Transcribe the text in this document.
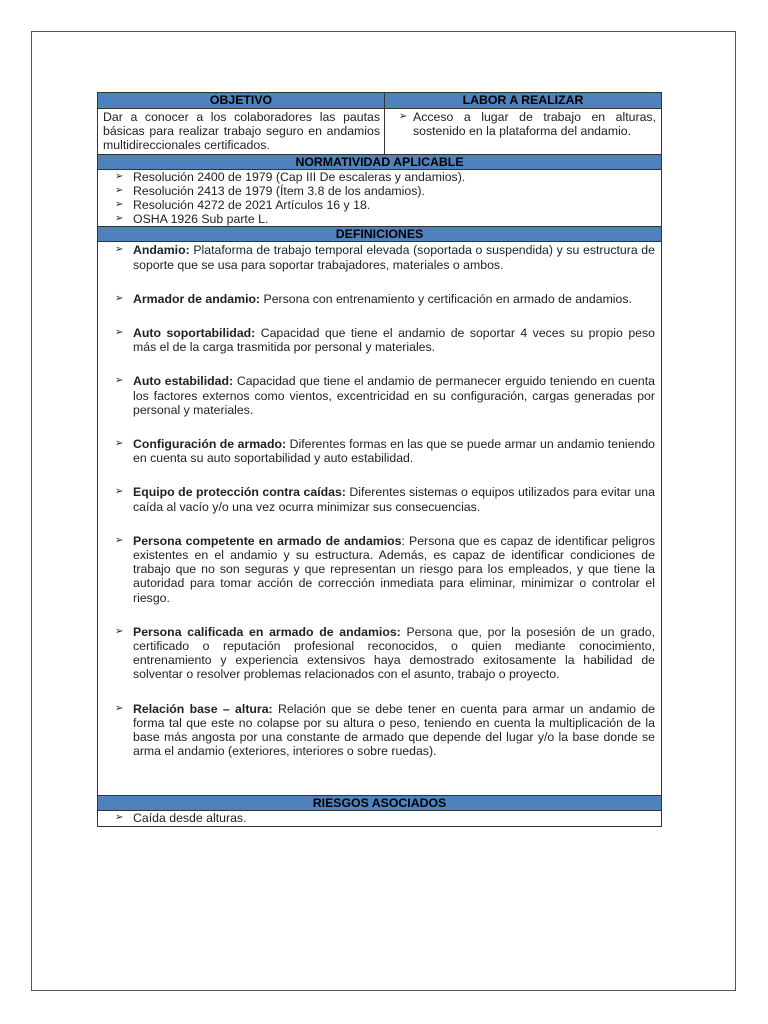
OBJETIVO	LABOR A REALIZAR
Dar a conocer a los colaboradores las pautas básicas para realizar trabajo seguro en andamios multidireccionales certificados.
➢ Acceso a lugar de trabajo en alturas, sostenido en la plataforma del andamio.
NORMATIVIDAD APLICABLE
➢ Resolución 2400 de 1979 (Cap III De escaleras y andamios).
➢ Resolución 2413 de 1979 (Ítem 3.8 de los andamios).
➢ Resolución 4272 de 2021 Artículos 16 y 18.
➢ OSHA 1926 Sub parte L.
DEFINICIONES
➢ Andamio: Plataforma de trabajo temporal elevada (soportada o suspendida) y su estructura de soporte que se usa para soportar trabajadores, materiales o ambos.
➢ Armador de andamio: Persona con entrenamiento y certificación en armado de andamios.
➢ Auto soportabilidad: Capacidad que tiene el andamio de soportar 4 veces su propio peso más el de la carga trasmitida por personal y materiales.
➢ Auto estabilidad: Capacidad que tiene el andamio de permanecer erguido teniendo en cuenta los factores externos como vientos, excentricidad en su configuración, cargas generadas por personal y materiales.
➢ Configuración de armado: Diferentes formas en las que se puede armar un andamio teniendo en cuenta su auto soportabilidad y auto estabilidad.
➢ Equipo de protección contra caídas: Diferentes sistemas o equipos utilizados para evitar una caída al vacío y/o una vez ocurra minimizar sus consecuencias.
➢ Persona competente en armado de andamios: Persona que es capaz de identificar peligros existentes en el andamio y su estructura. Además, es capaz de identificar condiciones de trabajo que no son seguras y que representan un riesgo para los empleados, y que tiene la autoridad para tomar acción de corrección inmediata para eliminar, minimizar o controlar el riesgo.
➢ Persona calificada en armado de andamios: Persona que, por la posesión de un grado, certificado o reputación profesional reconocidos, o quien mediante conocimiento, entrenamiento y experiencia extensivos haya demostrado exitosamente la habilidad de solventar o resolver problemas relacionados con el asunto, trabajo o proyecto.
➢ Relación base – altura: Relación que se debe tener en cuenta para armar un andamio de forma tal que este no colapse por su altura o peso, teniendo en cuenta la multiplicación de la base más angosta por una constante de armado que depende del lugar y/o la base donde se arma el andamio (exteriores, interiores o sobre ruedas).
RIESGOS ASOCIADOS
➢ Caída desde alturas.
